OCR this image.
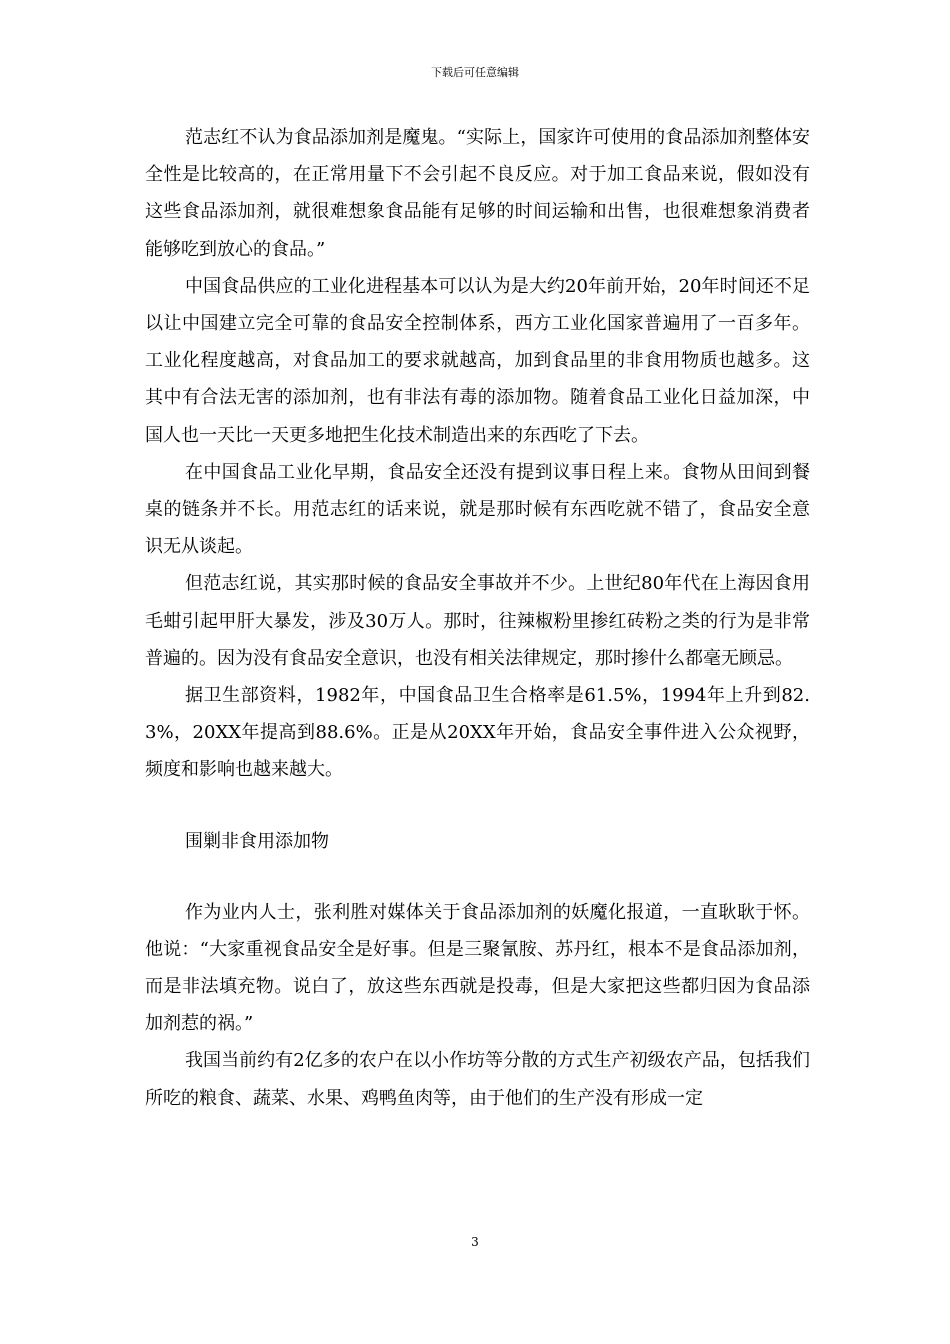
下载后可任意编辑

范志红不认为食品添加剂是魔鬼。“实际上，国家许可使用的食品添加剂整体安全性是比较高的，在正常用量下不会引起不良反应。对于加工食品来说，假如没有这些食品添加剂，就很难想象食品能有足够的时间运输和出售，也很难想象消费者能够吃到放心的食品。”

中国食品供应的工业化进程基本可以认为是大约20年前开始，20年时间还不足以让中国建立完全可靠的食品安全控制体系，西方工业化国家普遍用了一百多年。工业化程度越高，对食品加工的要求就越高，加到食品里的非食用物质也越多。这其中有合法无害的添加剂，也有非法有毒的添加物。随着食品工业化日益加深，中国人也一天比一天更多地把生化技术制造出来的东西吃了下去。

在中国食品工业化早期，食品安全还没有提到议事日程上来。食物从田间到餐桌的链条并不长。用范志红的话来说，就是那时候有东西吃就不错了，食品安全意识无从谈起。

但范志红说，其实那时候的食品安全事故并不少。上世纪80年代在上海因食用毛蚶引起甲肝大暴发，涉及30万人。那时，往辣椒粉里掺红砖粉之类的行为是非常普遍的。因为没有食品安全意识，也没有相关法律规定，那时掺什么都毫无顾忌。

据卫生部资料，1982年，中国食品卫生合格率是61.5%，1994年上升到82.3%，20XX年提高到88.6%。正是从20XX年开始，食品安全事件进入公众视野，频度和影响也越来越大。

围剿非食用添加物

作为业内人士，张利胜对媒体关于食品添加剂的妖魔化报道，一直耿耿于怀。他说：“大家重视食品安全是好事。但是三聚氰胺、苏丹红，根本不是食品添加剂，而是非法填充物。说白了，放这些东西就是投毒，但是大家把这些都归因为食品添加剂惹的祸。”

我国当前约有2亿多的农户在以小作坊等分散的方式生产初级农产品，包括我们所吃的粮食、蔬菜、水果、鸡鸭鱼肉等，由于他们的生产没有形成一定

3
